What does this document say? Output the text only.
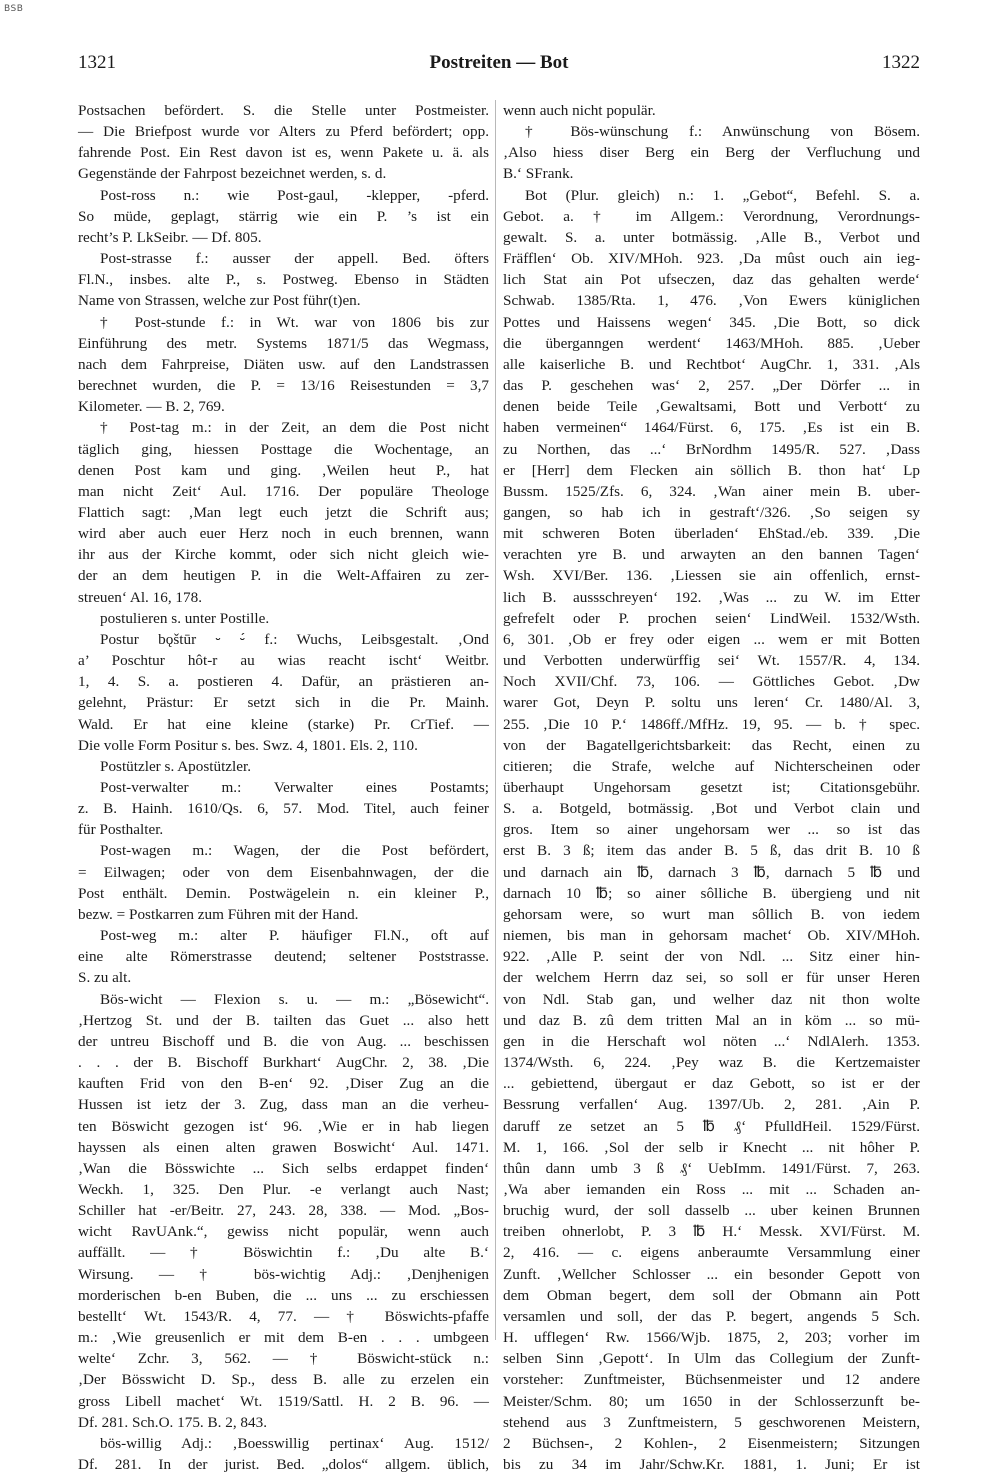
BSB
1321	Postreiten — Bot	1322
Postsachen befördert. S. die Stelle unter Postmeister.
— Die Briefpost wurde vor Alters zu Pferd befördert; opp.
fahrende Post. Ein Rest davon ist es, wenn Pakete u. ä. als
Gegenstände der Fahrpost bezeichnet werden, s. d.
Post-ross n.: wie Post-gaul, -klepper, -pferd.
So müde, geplagt, stärrig wie ein P. ’s ist ein
recht’s P. LkSeibr. — Df. 805.
Post-strasse f.: ausser der appell. Bed. öfters
Fl.N., insbes. alte P., s. Postweg. Ebenso in Städten
Name von Strassen, welche zur Post führ(t)en.
† Post-stunde f.: in Wt. war von 1806 bis zur
Einführung des metr. Systems 1871/5 das Wegmass,
nach dem Fahrpreise, Diäten usw. auf den Landstrassen
berechnet wurden, die P. = 13/16 Reisestunden = 3,7
Kilometer. — B. 2, 769.
† Post-tag m.: in der Zeit, an dem die Post nicht
täglich ging, hiessen Posttage die Wochentage, an
denen Post kam und ging. ‚Weilen heut P., hat
man nicht Zeit‘ Aul. 1716. Der populäre Theologe
Flattich sagt: ‚Man legt euch jetzt die Schrift aus;
wird aber auch euer Herz noch in euch brennen, wann
ihr aus der Kirche kommt, oder sich nicht gleich wie-
der an dem heutigen P. in die Welt-Affairen zu zer-
streuen‘ Al. 16, 178.
postulieren s. unter Postille.
Postur bǫštūr ⏑ ⏑́ f.: Wuchs, Leibsgestalt. ‚Ond
a’ Poschtur hôt-r au wias reacht ischt‘ Weitbr.
1, 4. S. a. postieren 4. Dafür, an prästieren an-
gelehnt, Prästur: Er setzt sich in die Pr. Mainh.
Wald. Er hat eine kleine (starke) Pr. CrTief. —
Die volle Form Positur s. bes. Swz. 4, 1801. Els. 2, 110.
Postützler s. Apostützler.
Post-verwalter m.: Verwalter eines Postamts;
z. B. Hainh. 1610/Qs. 6, 57. Mod. Titel, auch feiner
für Posthalter.
Post-wagen m.: Wagen, der die Post befördert,
= Eilwagen; oder von dem Eisenbahnwagen, der die
Post enthält. Demin. Postwägelein n. ein kleiner P.,
bezw. = Postkarren zum Führen mit der Hand.
Post-weg m.: alter P. häufiger Fl.N., oft auf
eine alte Römerstrasse deutend; seltener Poststrasse.
S. zu alt.
Bös-wicht — Flexion s. u. — m.: „Bösewicht“.
‚Hertzog St. und der B. tailten das Guet ... also hett
der untreu Bischoff und B. die von Aug. ... beschissen
. . . der B. Bischoff Burkhart‘ AugChr. 2, 38. ‚Die
kauften Frid von den B-en‘ 92. ‚Diser Zug an die
Hussen ist ietz der 3. Zug, dass man an die verheu-
ten Böswicht gezogen ist‘ 96. ‚Wie er in hab liegen
hayssen als einen alten grawen Boswicht‘ Aul. 1471.
‚Wan die Bösswichte ... Sich selbs erdappet finden‘
Weckh. 1, 325. Den Plur. -e verlangt auch Nast;
Schiller hat -er/Beitr. 27, 243. 28, 338. — Mod. „Bos-
wicht RavUAnk.“, gewiss nicht populär, wenn auch
auffällt. — † Böswichtin f.: ‚Du alte B.‘
Wirsung. — † bös-wichtig Adj.: ‚Denjhenigen
morderischen b-en Buben, die ... uns ... zu erschiessen
bestellt‘ Wt. 1543/R. 4, 77. — † Böswichts-pfaffe
m.: ‚Wie greusenlich er mit dem B-en . . . umbgeen
welte‘ Zchr. 3, 562. — † Böswicht-stück n.:
‚Der Bösswicht D. Sp., dess B. alle zu erzelen ein
gross Libell machet‘ Wt. 1519/Sattl. H. 2 B. 96. —
Df. 281. Sch.O. 175. B. 2, 843.
bös-willig Adj.: ‚Boesswillig pertinax‘ Aug. 1512/
Df. 281. In der jurist. Bed. „dolos“ allgem. üblich,
wenn auch nicht populär.
† Bös-wünschung f.: Anwünschung von Bösem.
‚Also hiess diser Berg ein Berg der Verfluchung und
B.‘ SFrank.
Bot (Plur. gleich) n.: 1. „Gebot“, Befehl. S. a.
Gebot. a. † im Allgem.: Verordnung, Verordnungs-
gewalt. S. a. unter botmässig. ‚Alle B., Verbot und
Fräfflen‘ Ob. XIV/MHoh. 923. ‚Da mûst ouch ain ieg-
lich Stat ain Pot ufseczen, daz das gehalten werde‘
Schwab. 1385/Rta. 1, 476. ‚Von Ewers küniglichen
Pottes und Haissens wegen‘ 345. ‚Die Bott, so dick
die überganngen werdent‘ 1463/MHoh. 885. ‚Ueber
alle kaiserliche B. und Rechtbot‘ AugChr. 1, 331. ‚Als
das P. geschehen was‘ 2, 257. „Der Dörfer ... in
denen beide Teile ‚Gewaltsami, Bott und Verbott‘ zu
haben vermeinen“ 1464/Fürst. 6, 175. ‚Es ist ein B.
zu Northen, das ...‘ BrNordhm 1495/R. 527. ‚Dass
er [Herr] dem Flecken ain söllich B. thon hat‘ Lp
Bussm. 1525/Zfs. 6, 324. ‚Wan ainer mein B. uber-
gangen, so hab ich in gestraft‘/326. ‚So seigen sy
mit schweren Boten überladen‘ EhStad./eb. 339. ‚Die
verachten yre B. und arwayten an den bannen Tagen‘
Wsh. XVI/Ber. 136. ‚Liessen sie ain offenlich, ernst-
lich B. aussschreyen‘ 192. ‚Was ... zu W. im Etter
gefrefelt oder P. prochen seien‘ LindWeil. 1532/Wsth.
6, 301. ‚Ob er frey oder eigen ... wem er mit Botten
und Verbotten underwürffig sei‘ Wt. 1557/R. 4, 134.
Noch XVII/Chf. 73, 106. — Göttliches Gebot. ‚Dw
warer Got, Deyn P. soltu uns leren‘ Cr. 1480/Al. 3,
255. ‚Die 10 P.‘ 1486ff./MfHz. 19, 95. — b. † spec.
von der Bagatellgerichtsbarkeit: das Recht, einen zu
citieren; die Strafe, welche auf Nichterscheinen oder
überhaupt Ungehorsam gesetzt ist; Citationsgebühr.
S. a. Botgeld, botmässig. ‚Bot und Verbot clain und
gros. Item so ainer ungehorsam wer ... so ist das
erst B. 3 ß; item das ander B. 5 ß, das drit B. 10 ß
und darnach ain ℔, darnach 3 ℔, darnach 5 ℔ und
darnach 10 ℔; so ainer sôlliche B. übergieng und nit
gehorsam were, so wurt man sôllich B. von iedem
niemen, bis man in gehorsam machet‘ Ob. XIV/MHoh.
922. ‚Alle P. seint der von Ndl. ... Sitz einer hin-
der welchem Herrn daz sei, so soll er für unser Heren
von Ndl. Stab gan, und welher daz nit thon wolte
und daz B. zû dem tritten Mal an in köm ... so mü-
gen in die Herschaft wol nöten ...‘ NdlAlerh. 1353.
1374/Wsth. 6, 224. ‚Pey waz B. die Kertzemaister
... gebiettend, übergaut er daz Gebott, so ist er der
Bessrung verfallen‘ Aug. 1397/Ub. 2, 281. ‚Ain P.
daruff ze setzet an 5 ℔ ₰‘ PfulldHeil. 1529/Fürst.
M. 1, 166. ‚Sol der selb ir Knecht ... nit hôher P.
thûn dann umb 3 ß ₰‘ UebImm. 1491/Fürst. 7, 263.
‚Wa aber iemanden ein Ross ... mit ... Schaden an-
bruchig wurd, der soll dasselb ... uber keinen Brunnen
treiben ohnerlobt, P. 3 ℔ H.‘ Messk. XVI/Fürst. M.
2, 416. — c. eigens anberaumte Versammlung einer
Zunft. ‚Wellcher Schlosser ... ein besonder Gepott von
dem Obman begert, dem soll der Obmann ain Pott
versamlen und soll, der das P. begert, angends 5 Sch.
H. ufflegen‘ Rw. 1566/Wjb. 1875, 2, 203; vorher im
selben Sinn ‚Gepott‘. In Ulm das Collegium der Zunft-
vorsteher: Zunftmeister, Büchsenmeister und 12 andere
Meister/Schm. 80; um 1650 in der Schlosserzunft be-
stehend aus 3 Zunftmeistern, 5 geschworenen Meistern,
2 Büchsen-, 2 Kohlen-, 2 Eisenmeistern; Sitzungen
bis zu 34 im Jahr/Schw.Kr. 1881, 1. Juni; Er ist
